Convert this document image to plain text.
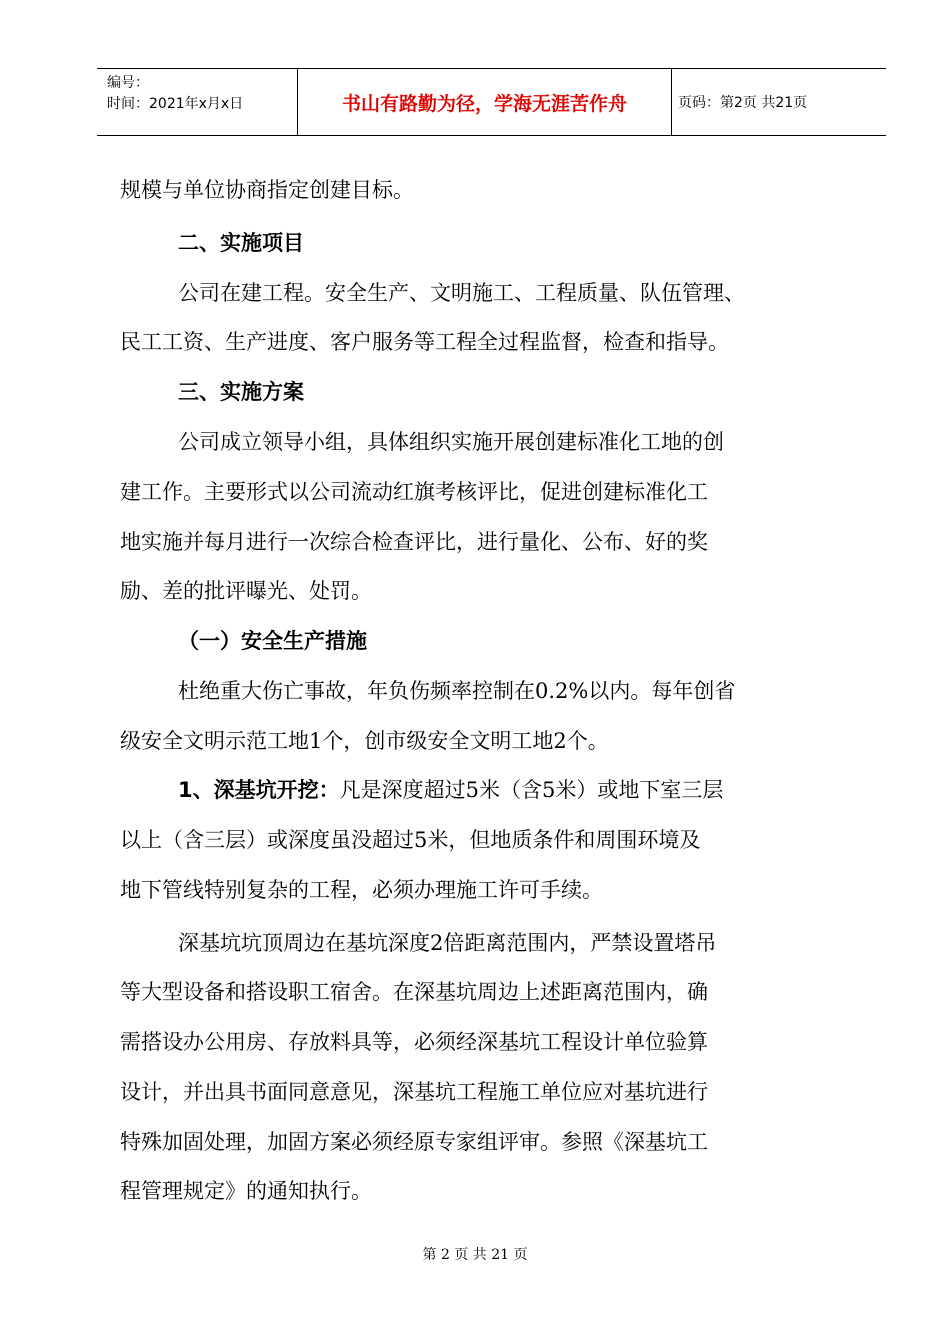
编号：
时间：2021年x月x日	书山有路勤为径，学海无涯苦作舟	页码：第2页 共21页
规模与单位协商指定创建目标。
二、实施项目
公司在建工程。安全生产、文明施工、工程质量、队伍管理、
民工工资、生产进度、客户服务等工程全过程监督，检查和指导。
三、实施方案
公司成立领导小组，具体组织实施开展创建标准化工地的创
建工作。主要形式以公司流动红旗考核评比，促进创建标准化工
地实施并每月进行一次综合检查评比，进行量化、公布、好的奖
励、差的批评曝光、处罚。
（一）安全生产措施
杜绝重大伤亡事故，年负伤频率控制在0.2%以内。每年创省
级安全文明示范工地1个，创市级安全文明工地2个。
1、深基坑开挖：凡是深度超过5米（含5米）或地下室三层
以上（含三层）或深度虽没超过5米，但地质条件和周围环境及
地下管线特别复杂的工程，必须办理施工许可手续。
深基坑坑顶周边在基坑深度2倍距离范围内，严禁设置塔吊
等大型设备和搭设职工宿舍。在深基坑周边上述距离范围内，确
需搭设办公用房、存放料具等，必须经深基坑工程设计单位验算
设计，并出具书面同意意见，深基坑工程施工单位应对基坑进行
特殊加固处理，加固方案必须经原专家组评审。参照《深基坑工
程管理规定》的通知执行。
第 2 页 共 21 页
